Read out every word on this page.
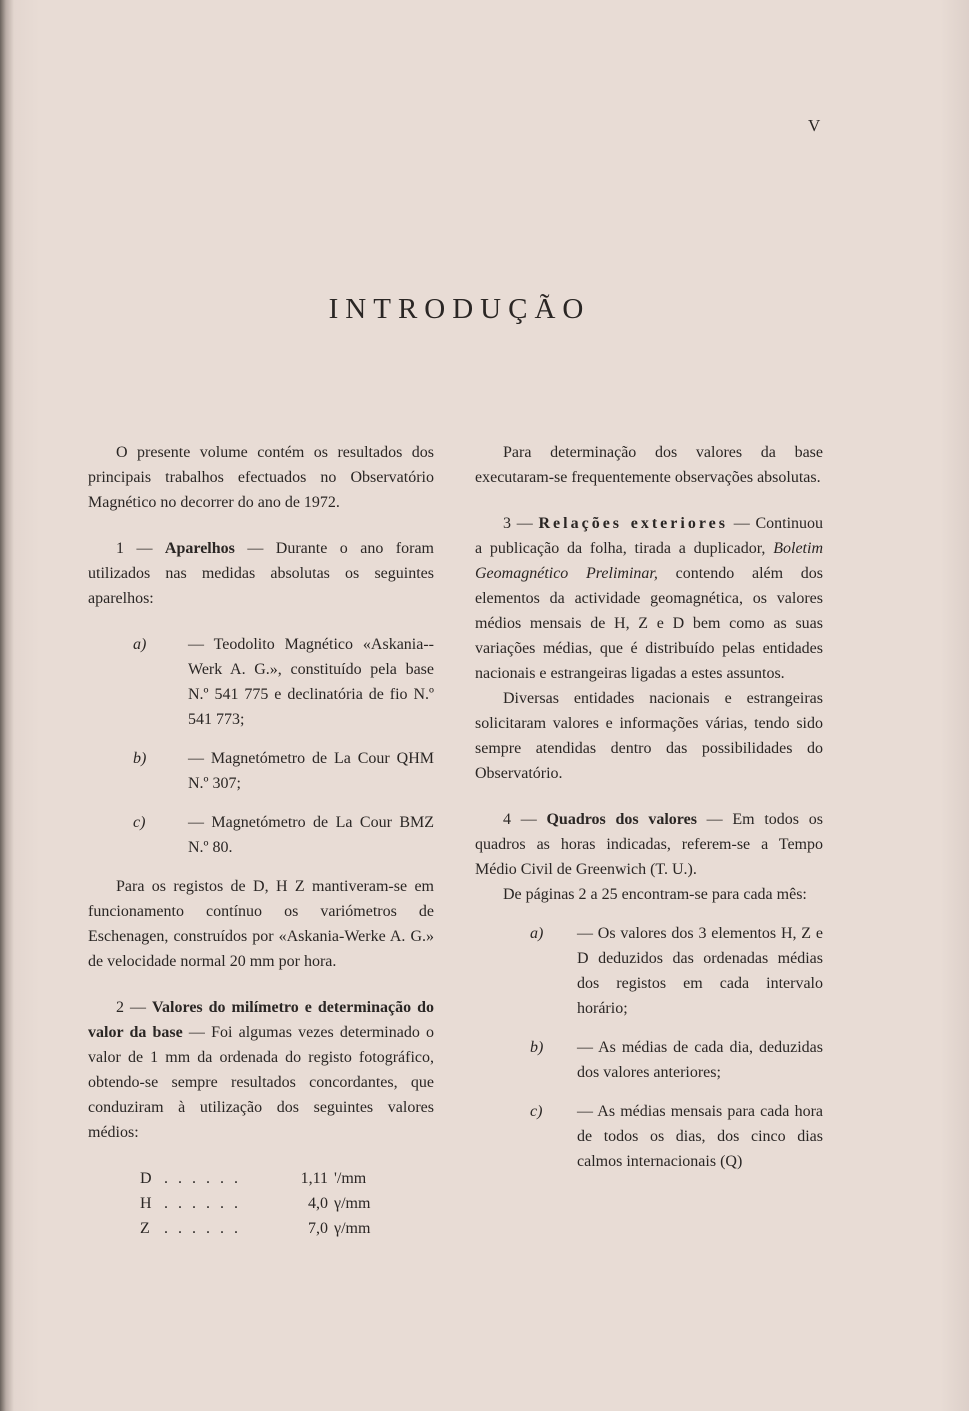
V
INTRODUÇÃO

O presente volume contém os resultados dos principais trabalhos efectuados no Observatório Magnético no decorrer do ano de 1972.

1 — Aparelhos — Durante o ano foram utilizados nas medidas absolutas os seguintes aparelhos:

a)	— Teodolito Magnético «Askania--Werk A. G.», constituído pela base N.º 541 775 e declinatória de fio N.º 541 773;
b)	— Magnetómetro de La Cour QHM N.º 307;
c)	— Magnetómetro de La Cour BMZ N.º 80.

Para os registos de D, H Z mantiveram-se em funcionamento contínuo os variómetros de Eschenagen, construídos por «Askania-Werke A. G.» de velocidade normal 20 mm por hora.

2 — Valores do milímetro e determinação do valor da base — Foi algumas vezes determinado o valor de 1 mm da ordenada do registo fotográfico, obtendo-se sempre resultados concordantes, que conduziram à utilização dos seguintes valores médios:

D	. . . . . .	1,11	'/mm
H	. . . . . .	4,0	γ/mm
Z	. . . . . .	7,0	γ/mm

Para determinação dos valores da base executaram-se frequentemente observações absolutas.

3 — Relações exteriores — Continuou a publicação da folha, tirada a duplicador, Boletim Geomagnético Preliminar, contendo além dos elementos da actividade geomagnética, os valores médios mensais de H, Z e D bem como as suas variações médias, que é distribuído pelas entidades nacionais e estrangeiras ligadas a estes assuntos.

Diversas entidades nacionais e estrangeiras solicitaram valores e informações várias, tendo sido sempre atendidas dentro das possibilidades do Observatório.

4 — Quadros dos valores — Em todos os quadros as horas indicadas, referem-se a Tempo Médio Civil de Greenwich (T. U.).

De páginas 2 a 25 encontram-se para cada mês:

a) — Os valores dos 3 elementos H, Z e D deduzidos das ordenadas médias dos registos em cada intervalo horário;
b) — As médias de cada dia, deduzidas dos valores anteriores;
c) — As médias mensais para cada hora de todos os dias, dos cinco dias calmos internacionais (Q)
